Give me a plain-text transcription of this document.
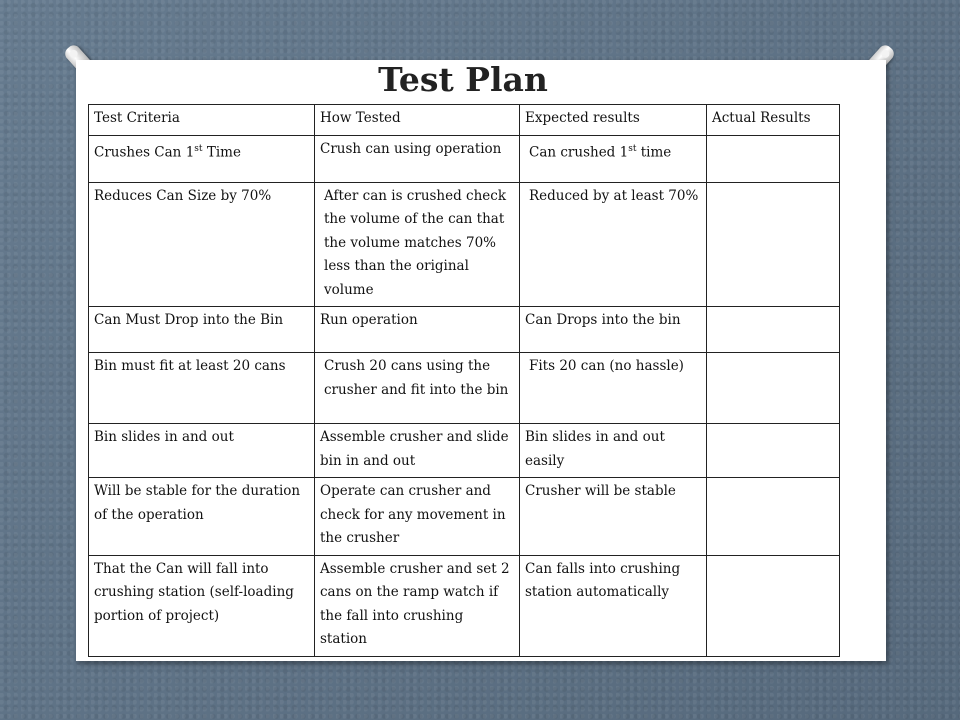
Test Plan
Test Criteria	How Tested	Expected results	Actual Results
Crushes Can 1st Time	Crush can using operation	Can crushed 1st time	
Reduces Can Size by 70%	After can is crushed check the volume of the can that the volume matches 70% less than the original volume	Reduced by at least 70%	
Can Must Drop into the Bin	Run operation	Can Drops into the bin	
Bin must fit at least 20 cans	Crush 20 cans using the crusher and fit into the bin	Fits 20 can (no hassle)	
Bin slides in and out	Assemble crusher and slide bin in and out	Bin slides in and out easily	
Will be stable for the duration of the operation	Operate can crusher and check for any movement in the crusher	Crusher will be stable	
That the Can will fall into crushing station (self-loading portion of project)	Assemble crusher and set 2 cans on the ramp watch if the fall into crushing station	Can falls into crushing station automatically	
